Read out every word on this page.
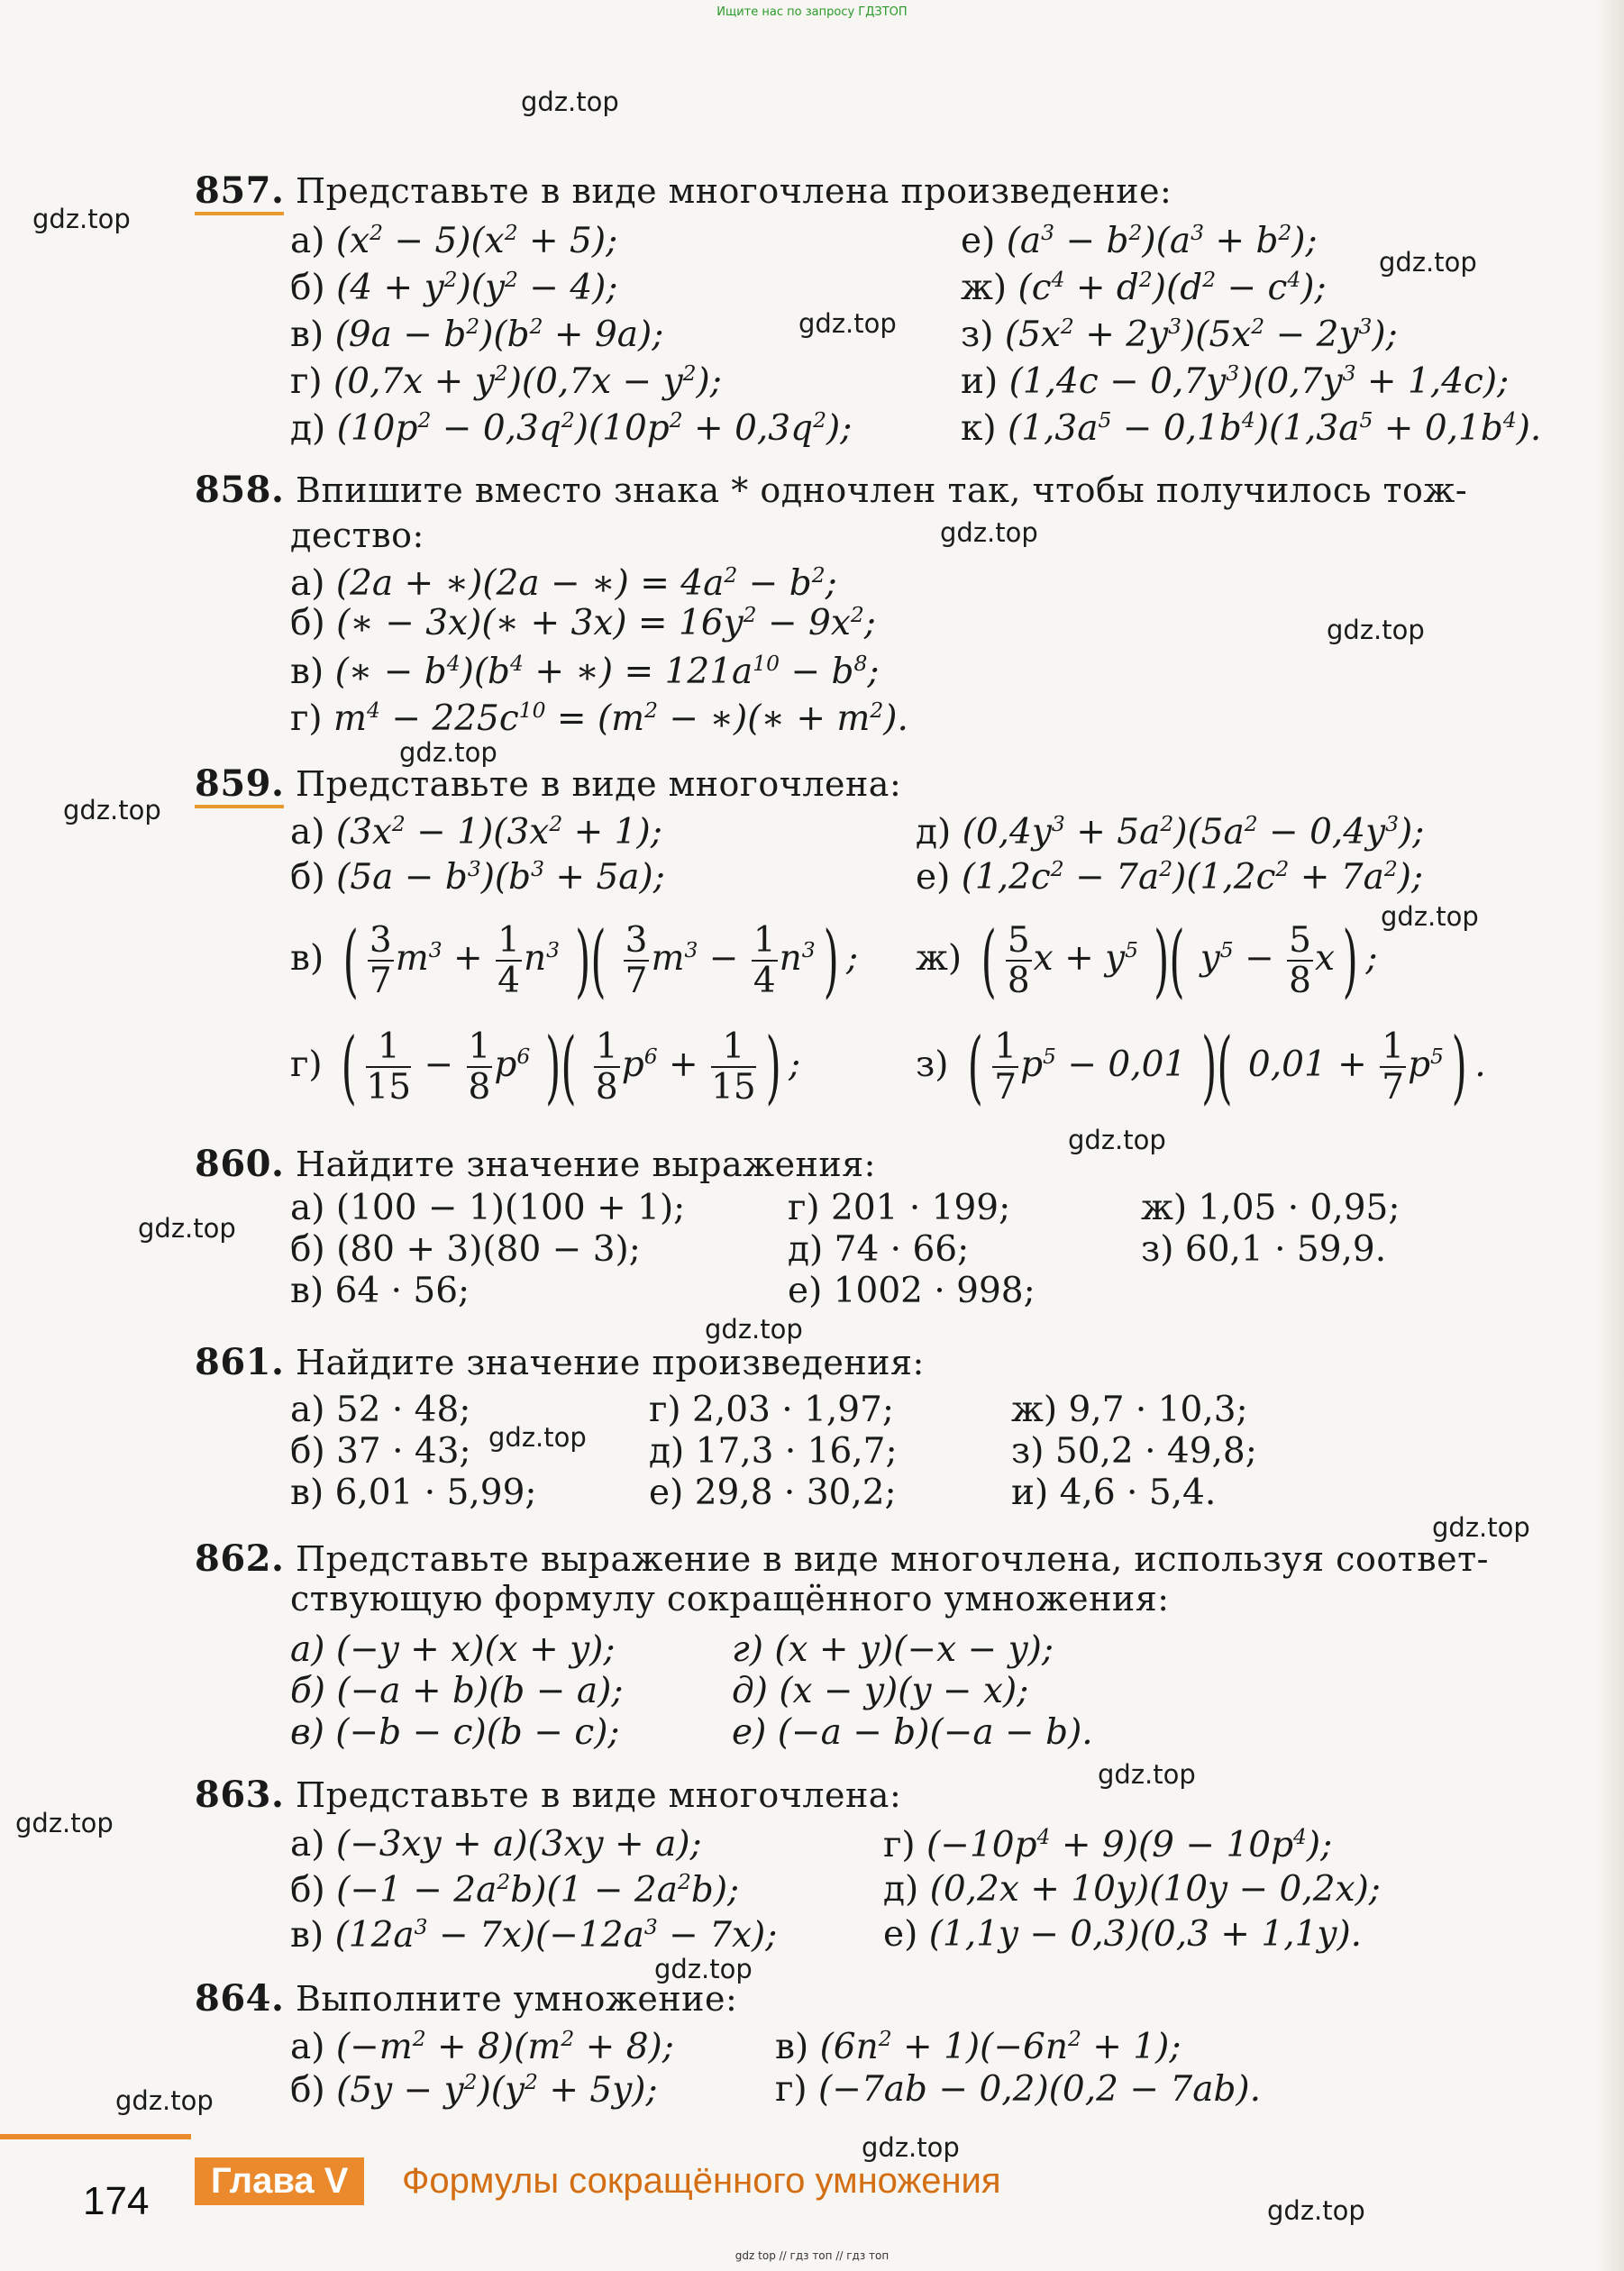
Ищите нас по запросу ГДЗТОП
gdz.top
gdz.top
gdz.top
gdz.top
gdz.top
gdz.top
gdz.top
gdz.top
gdz.top
gdz.top
gdz.top
gdz.top
gdz.top
gdz.top
gdz.top
gdz.top
gdz.top
gdz.top
gdz.top
gdz.top
857. Представьте в виде многочлена произведение:
а) $(x^2 - 5)(x^2 + 5)$;
б) $(4 + y^2)(y^2 - 4)$;
в) $(9a - b^2)(b^2 + 9a)$;
г) $(0,7x + y^2)(0,7x - y^2)$;
д) $(10p^2 - 0,3q^2)(10p^2 + 0,3q^2)$;
е) $(a^3 - b^2)(a^3 + b^2)$;
ж) $(c^4 + d^2)(d^2 - c^4)$;
з) $(5x^2 + 2y^3)(5x^2 - 2y^3)$;
и) $(1,4c - 0,7y^3)(0,7y^3 + 1,4c)$;
к) $(1,3a^5 - 0,1b^4)(1,3a^5 + 0,1b^4)$.
858. Впишите вместо знака * одночлен так, чтобы получилось тож-
дество:
а) (2a + ∗)(2a − ∗) = $4a^2 - b^2$;
б) (∗ − 3x)(∗ + $3x) = 16y^2 - 9x^2$;
в) (∗ − $b^4)(b^4$ + ∗) = $121a^{10} - b^8$;
г) $m^4 - 225c^{10} = (m^2$ − ∗)(∗ + $m^2$).
859. Представьте в виде многочлена:
а) $(3x^2 - 1)(3x^2 + 1)$;
б) $(5a - b^3)(b^3 + 5a)$;
д) $(0,4y^3 + 5a^2)(5a^2 - 0,4y^3)$;
е) $(1,2c^2 - 7a^2)(1,2c^2 + 7a^2)$;
в) ( $\frac{3}{7} m^3 + \frac{1}{4} n^3$ )( $\frac{3}{7} m^3 - \frac{1}{4} n^3$) ; ж) ( $\frac{5}{8}$ $x + y^5$ )( $y^5 - \frac{5}{8} x$) ;
г) ( $\frac{1}{15} - \frac{1}{8} p^6$ )( $\frac{1}{8} p^6 + \frac{1}{15}$ ) ;	з) ( $\frac{1}{7} p^5 - 0,01$ )( $0,01 + \frac{1}{7} p^5$) .
860. Найдите значение выражения:
а) (100 − 1)(100 + 1);	г) 201 · 199;	ж) 1,05 · 0,95;
б) (80 + 3)(80 − 3);	д) 74 · 66;	з) 60,1 · 59,9.
в) 64 · 56;	е) 1002 · 998;
861. Найдите значение произведения:
а) 52 · 48;	г) 2,03 · 1,97;	ж) 9,7 · 10,3;
б) 37 · 43;	д) 17,3 · 16,7;	з) 50,2 · 49,8;
в) 6,01 · 5,99;	е) 29,8 · 30,2;	и) 4,6 · 5,4.
862. Представьте выражение в виде многочлена, используя соответ-
ствующую формулу сокращённого умножения:
а) (−y + x)(x + y);	г) (x + y)(−x − y);
б) (−a + b)(b − a);	д) (x − y)(y − x);
в) (−b − c)(b − c);	е) (−a − b)(−a − b).
863. Представьте в виде многочлена:
а) (−3xy + a)(3xy + a);
б) $(-1 - 2a^2b)(1 - 2a^2b)$;
в) $(12a^3 - 7x)(-12a^3 - 7x)$;
г) $(-10p^4 + 9)(9 - 10p^4)$;
д) (0,2x + 10y)(10y − 0,2x);
е) (1,1y − 0,3)(0,3 + 1,1y).
864. Выполните умножение:
а) $(-m^2 + 8)(m^2 + 8)$;
б) $(5y - y^2)(y^2 + 5y)$;
в) $(6n^2 + 1)(-6n^2 + 1)$;
г) (−7ab − 0,2)(0,2 − 7ab).
174	Глава V	Формулы сокращённого умножения
gdz top // гдз топ // гдз топ
